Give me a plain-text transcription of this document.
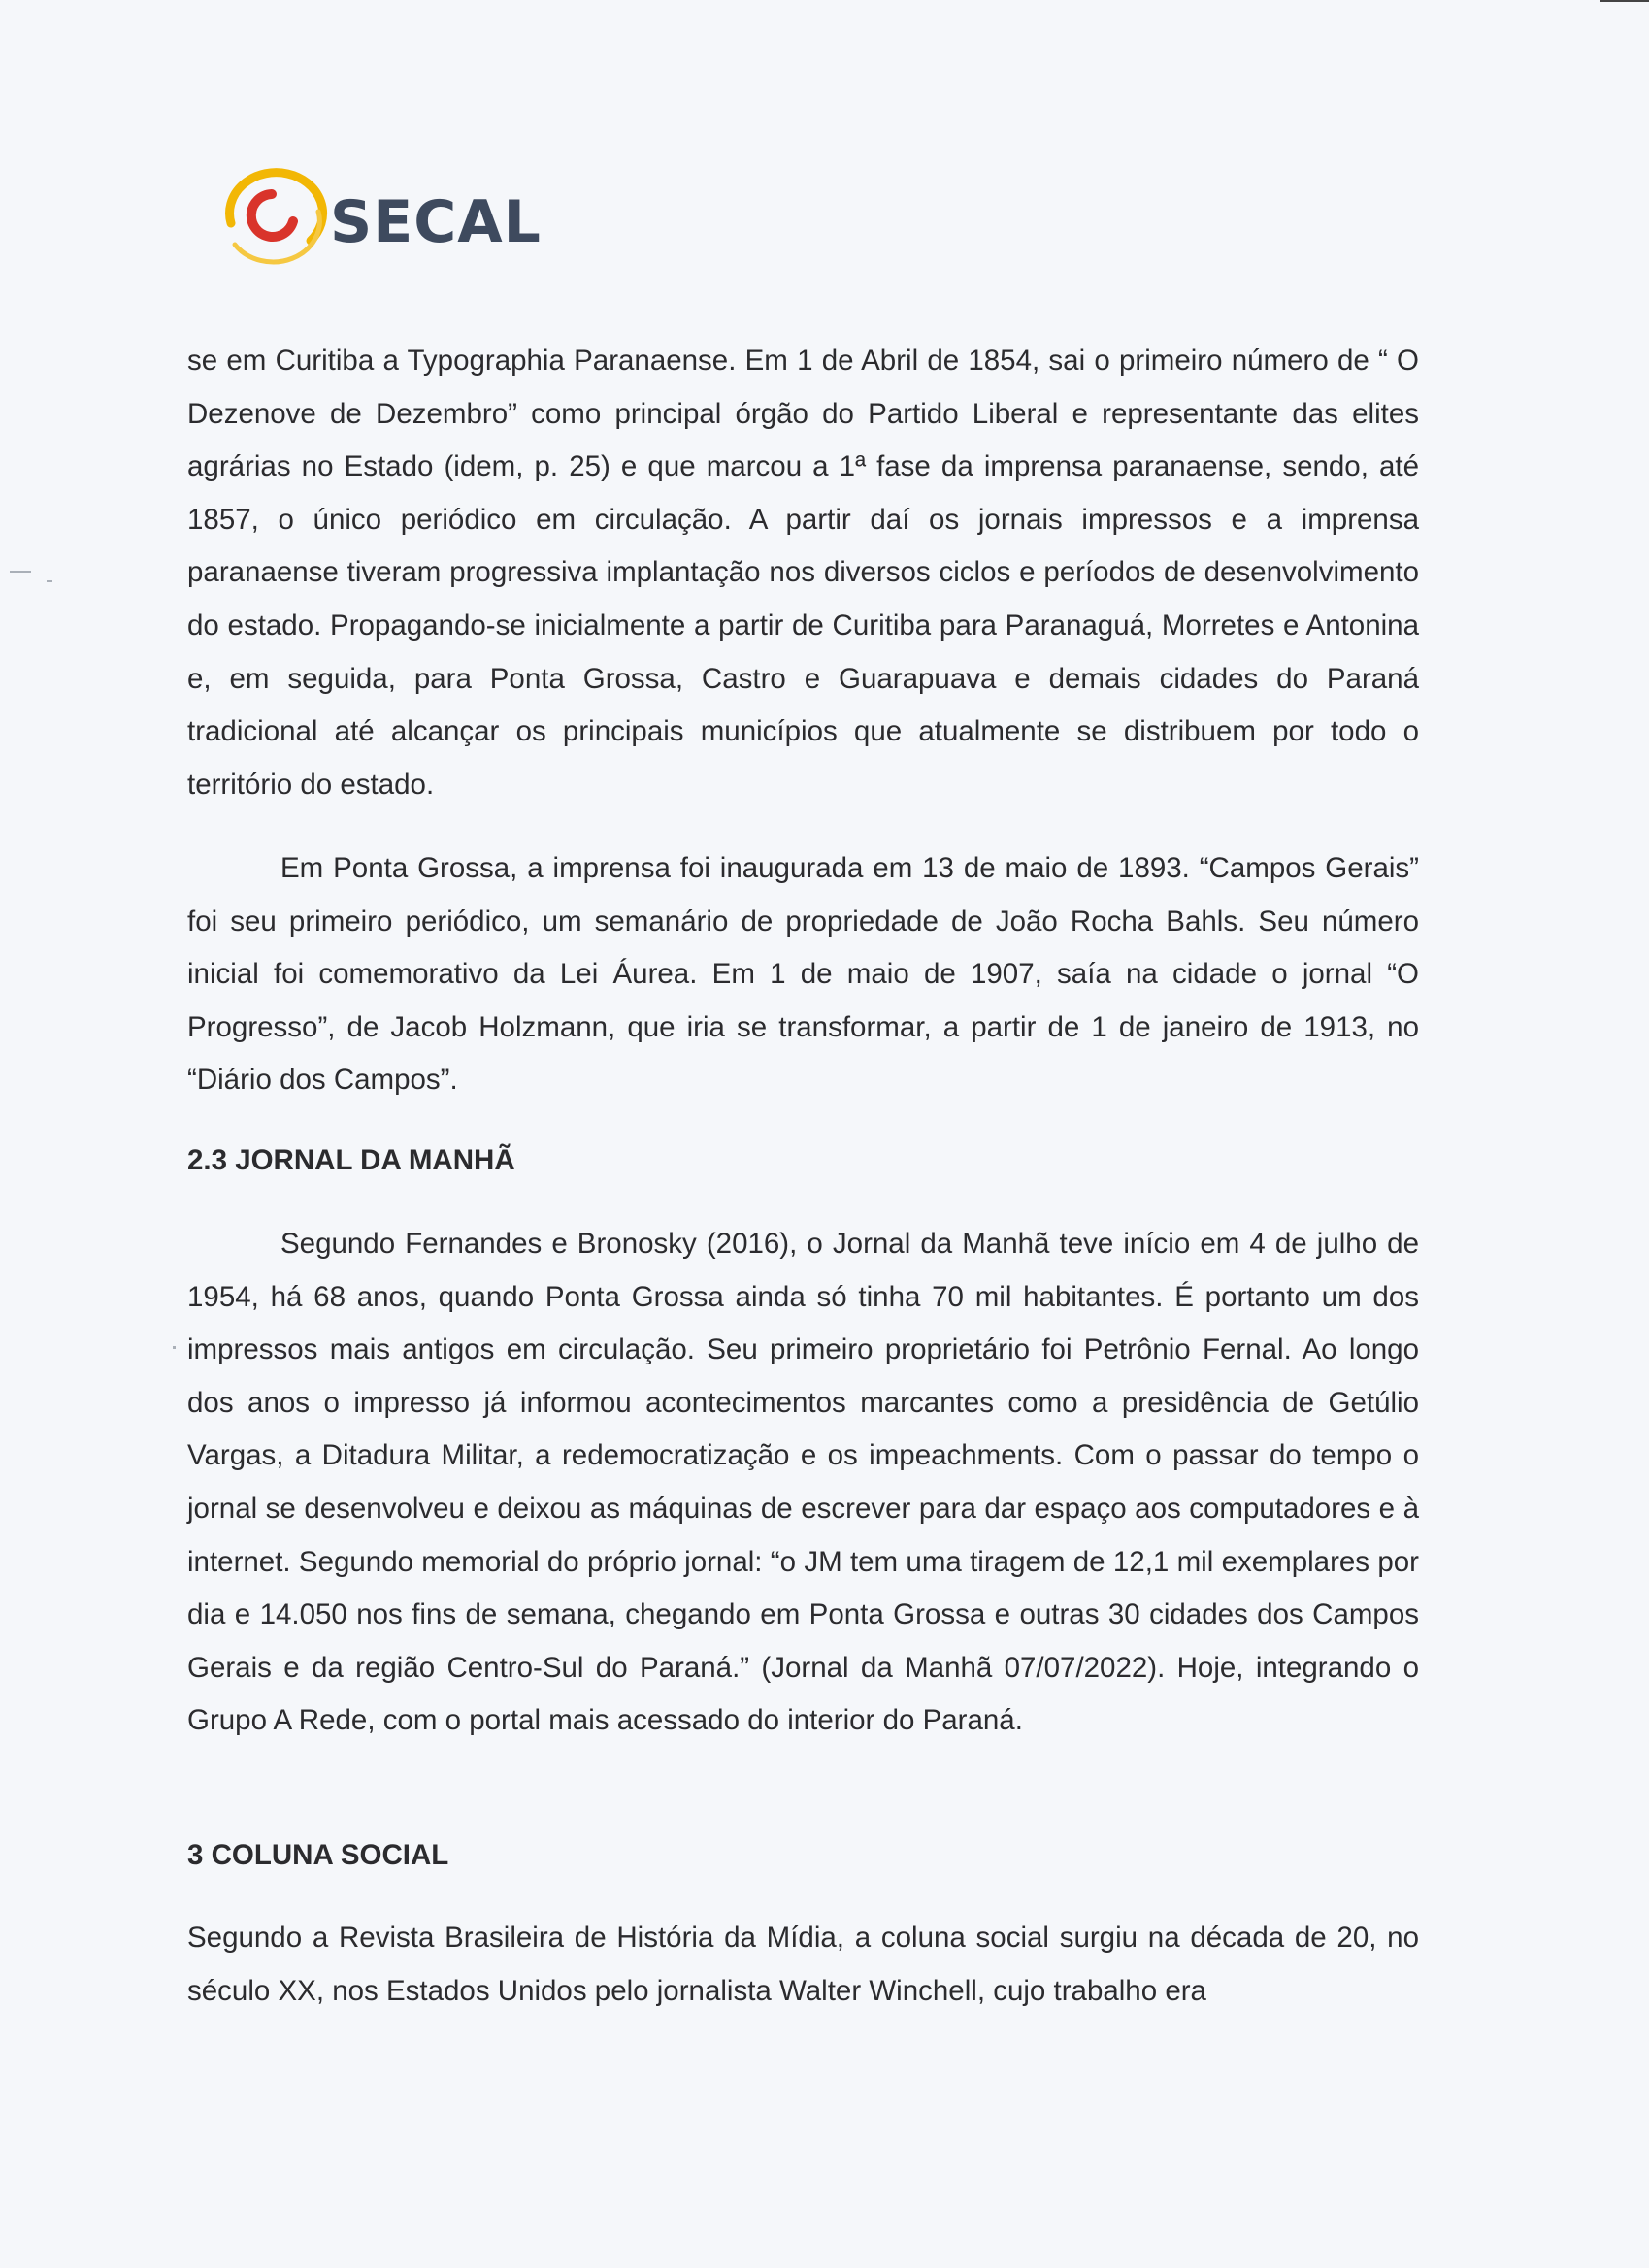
SECAL

se em Curitiba a Typographia Paranaense. Em 1 de Abril de 1854, sai o primeiro número de “ O Dezenove de Dezembro” como principal órgão do Partido Liberal e representante das elites agrárias no Estado (idem, p. 25) e que marcou a 1ª fase da imprensa paranaense, sendo, até 1857, o único periódico em circulação. A partir daí os jornais impressos e a imprensa paranaense tiveram progressiva implantação nos diversos ciclos e períodos de desenvolvimento do estado. Propagando-se inicialmente a partir de Curitiba para Paranaguá, Morretes e Antonina e, em seguida, para Ponta Grossa, Castro e Guarapuava e demais cidades do Paraná tradicional até alcançar os principais municípios que atualmente se distribuem por todo o território do estado.

Em Ponta Grossa, a imprensa foi inaugurada em 13 de maio de 1893. “Campos Gerais” foi seu primeiro periódico, um semanário de propriedade de João Rocha Bahls. Seu número inicial foi comemorativo da Lei Áurea. Em 1 de maio de 1907, saía na cidade o jornal “O Progresso”, de Jacob Holzmann, que iria se transformar, a partir de 1 de janeiro de 1913, no “Diário dos Campos”.

2.3 JORNAL DA MANHÃ

Segundo Fernandes e Bronosky (2016), o Jornal da Manhã teve início em 4 de julho de 1954, há 68 anos, quando Ponta Grossa ainda só tinha 70 mil habitantes. É portanto um dos impressos mais antigos em circulação. Seu primeiro proprietário foi Petrônio Fernal. Ao longo dos anos o impresso já informou acontecimentos marcantes como a presidência de Getúlio Vargas, a Ditadura Militar, a redemocratização e os impeachments. Com o passar do tempo o jornal se desenvolveu e deixou as máquinas de escrever para dar espaço aos computadores e à internet. Segundo memorial do próprio jornal: “o JM tem uma tiragem de 12,1 mil exemplares por dia e 14.050 nos fins de semana, chegando em Ponta Grossa e outras 30 cidades dos Campos Gerais e da região Centro-Sul do Paraná.” (Jornal da Manhã 07/07/2022). Hoje, integrando o Grupo A Rede, com o portal mais acessado do interior do Paraná.

3 COLUNA SOCIAL

Segundo a Revista Brasileira de História da Mídia, a coluna social surgiu na década de 20, no século XX, nos Estados Unidos pelo jornalista Walter Winchell, cujo trabalho era
